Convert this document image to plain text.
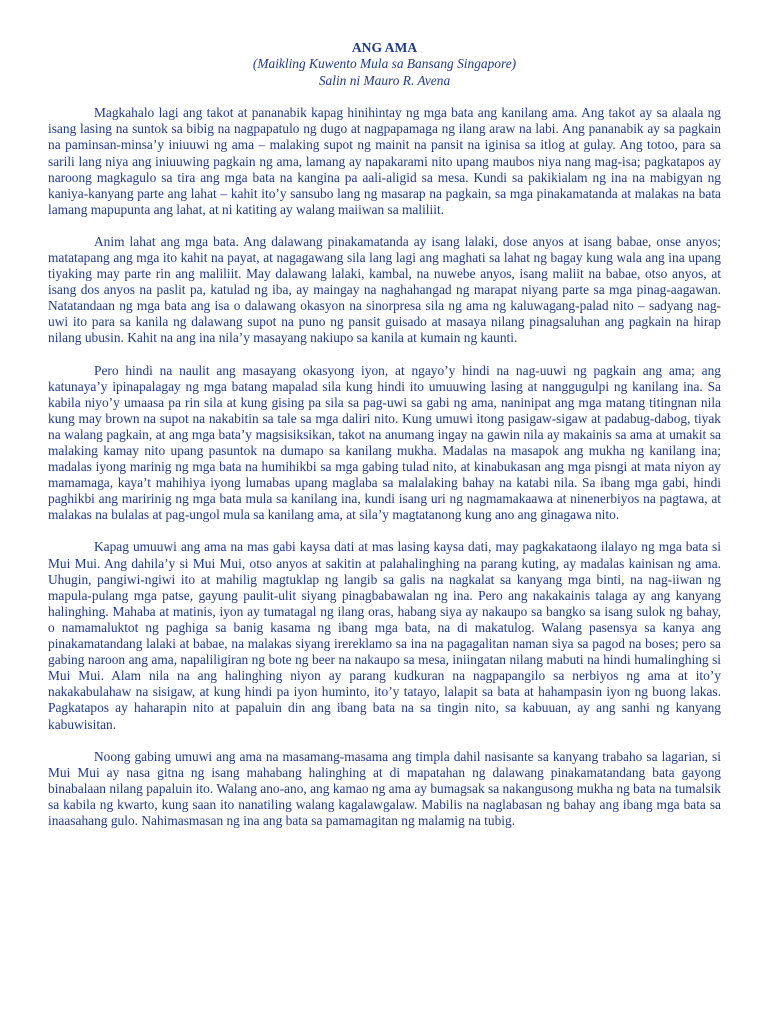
ANG AMA
(Maikling Kuwento Mula sa Bansang Singapore)
Salin ni Mauro R. Avena

Magkahalo lagi ang takot at pananabik kapag hinihintay ng mga bata ang kanilang ama. Ang takot ay sa alaala ng isang lasing na suntok sa bibig na nagpapatulo ng dugo at nagpapamaga ng ilang araw na labi. Ang pananabik ay sa pagkain na paminsan-minsa’y iniuuwi ng ama – malaking supot ng mainit na pansit na iginisa sa itlog at gulay. Ang totoo, para sa sarili lang niya ang iniuuwing pagkain ng ama, lamang ay napakarami nito upang maubos niya nang mag-isa; pagkatapos ay naroong magkagulo sa tira ang mga bata na kangina pa aali-aligid sa mesa. Kundi sa pakikialam ng ina na mabigyan ng kaniya-kanyang parte ang lahat – kahit ito’y sansubo lang ng masarap na pagkain, sa mga pinakamatanda at malakas na bata lamang mapupunta ang lahat, at ni katiting ay walang maiiwan sa maliliit.

Anim lahat ang mga bata. Ang dalawang pinakamatanda ay isang lalaki, dose anyos at isang babae, onse anyos; matatapang ang mga ito kahit na payat, at nagagawang sila lang lagi ang maghati sa lahat ng bagay kung wala ang ina upang tiyaking may parte rin ang maliliit. May dalawang lalaki, kambal, na nuwebe anyos, isang maliit na babae, otso anyos, at isang dos anyos na paslit pa, katulad ng iba, ay maingay na naghahangad ng marapat niyang parte sa mga pinag-aagawan. Natatandaan ng mga bata ang isa o dalawang okasyon na sinorpresa sila ng ama ng kaluwagang-palad nito – sadyang nag-uwi ito para sa kanila ng dalawang supot na puno ng pansit guisado at masaya nilang pinagsaluhan ang pagkain na hirap nilang ubusin. Kahit na ang ina nila’y masayang nakiupo sa kanila at kumain ng kaunti.

Pero hindi na naulit ang masayang okasyong iyon, at ngayo’y hindi na nag-uuwi ng pagkain ang ama; ang katunaya’y ipinapalagay ng mga batang mapalad sila kung hindi ito umuuwing lasing at nanggugulpi ng kanilang ina. Sa kabila niyo’y umaasa pa rin sila at kung gising pa sila sa pag-uwi sa gabi ng ama, naninipat ang mga matang titingnan nila kung may brown na supot na nakabitin sa tale sa mga daliri nito. Kung umuwi itong pasigaw-sigaw at padabug-dabog, tiyak na walang pagkain, at ang mga bata’y magsisiksikan, takot na anumang ingay na gawin nila ay makainis sa ama at umakit sa malaking kamay nito upang pasuntok na dumapo sa kanilang mukha. Madalas na masapok ang mukha ng kanilang ina; madalas iyong marinig ng mga bata na humihikbi sa mga gabing tulad nito, at kinabukasan ang mga pisngi at mata niyon ay mamamaga, kaya’t mahihiya iyong lumabas upang maglaba sa malalaking bahay na katabi nila. Sa ibang mga gabi, hindi paghikbi ang maririnig ng mga bata mula sa kanilang ina, kundi isang uri ng nagmamakaawa at ninenerbiyos na pagtawa, at malakas na bulalas at pag-ungol mula sa kanilang ama, at sila’y magtatanong kung ano ang ginagawa nito.

Kapag umuuwi ang ama na mas gabi kaysa dati at mas lasing kaysa dati, may pagkakataong ilalayo ng mga bata si Mui Mui. Ang dahila’y si Mui Mui, otso anyos at sakitin at palahalinghing na parang kuting, ay madalas kainisan ng ama. Uhugin, pangiwi-ngiwi ito at mahilig magtuklap ng langib sa galis na nagkalat sa kanyang mga binti, na nag-iiwan ng mapula-pulang mga patse, gayung paulit-ulit siyang pinagbabawalan ng ina. Pero ang nakakainis talaga ay ang kanyang halinghing. Mahaba at matinis, iyon ay tumatagal ng ilang oras, habang siya ay nakaupo sa bangko sa isang sulok ng bahay, o namamaluktot ng paghiga sa banig kasama ng ibang mga bata, na di makatulog. Walang pasensya sa kanya ang pinakamatandang lalaki at babae, na malakas siyang irereklamo sa ina na pagagalitan naman siya sa pagod na boses; pero sa gabing naroon ang ama, napaliligiran ng bote ng beer na nakaupo sa mesa, iniingatan nilang mabuti na hindi humalinghing si Mui Mui. Alam nila na ang halinghing niyon ay parang kudkuran na nagpapangilo sa nerbiyos ng ama at ito’y nakakabulahaw na sisigaw, at kung hindi pa iyon huminto, ito’y tatayo, lalapit sa bata at hahampasin iyon ng buong lakas. Pagkatapos ay haharapin nito at papaluin din ang ibang bata na sa tingin nito, sa kabuuan, ay ang sanhi ng kanyang kabuwisitan.

Noong gabing umuwi ang ama na masamang-masama ang timpla dahil nasisante sa kanyang trabaho sa lagarian, si Mui Mui ay nasa gitna ng isang mahabang halinghing at di mapatahan ng dalawang pinakamatandang bata gayong binabalaan nilang papaluin ito. Walang ano-ano, ang kamao ng ama ay bumagsak sa nakangusong mukha ng bata na tumalsik sa kabila ng kwarto, kung saan ito nanatiling walang kagalawgalaw. Mabilis na naglabasan ng bahay ang ibang mga bata sa inaasahang gulo. Nahimasmasan ng ina ang bata sa pamamagitan ng malamig na tubig.
